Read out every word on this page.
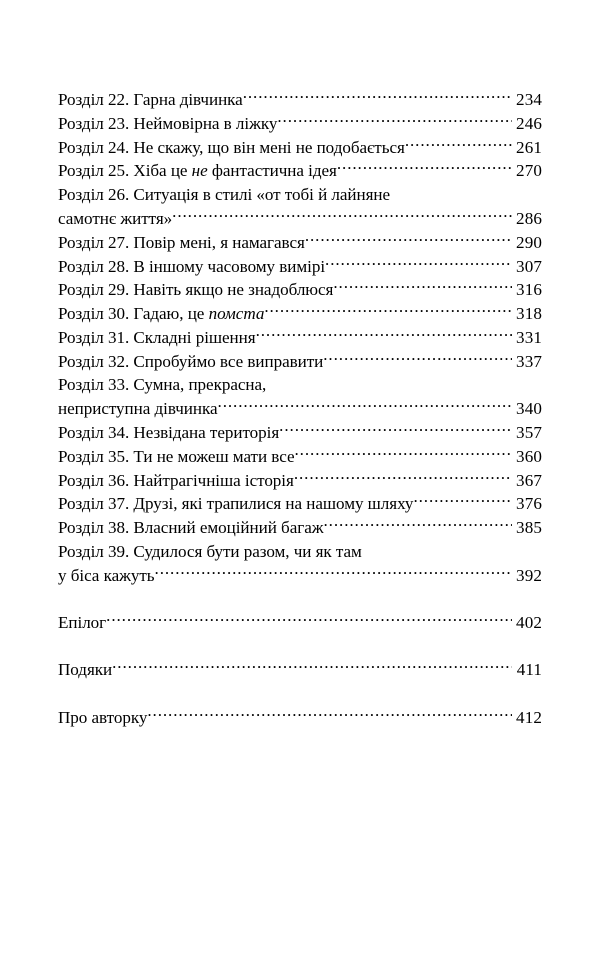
Розділ 22. Гарна дівчинка .....	234
Розділ 23. Неймовірна в ліжку .....	246
Розділ 24. Не скажу, що він мені не подобається .....	261
Розділ 25. Хіба це не фантастична ідея .....	270
Розділ 26. Ситуація в стилі «от тобі й лайняне
самотнє життя» .....	286
Розділ 27. Повір мені, я намагався .....	290
Розділ 28. В іншому часовому вимірі .....	307
Розділ 29. Навіть якщо не знадоблюся .....	316
Розділ 30. Гадаю, це помста .....	318
Розділ 31. Складні рішення .....	331
Розділ 32. Спробуймо все виправити .....	337
Розділ 33. Сумна, прекрасна,
неприступна дівчинка .....	340
Розділ 34. Незвідана територія .....	357
Розділ 35. Ти не можеш мати все .....	360
Розділ 36. Найтрагічніша історія .....	367
Розділ 37. Друзі, які трапилися на нашому шляху .....	376
Розділ 38. Власний емоційний багаж .....	385
Розділ 39. Судилося бути разом, чи як там
у біса кажуть .....	392
Епілог .....	402
Подяки .....	411
Про авторку .....	412
